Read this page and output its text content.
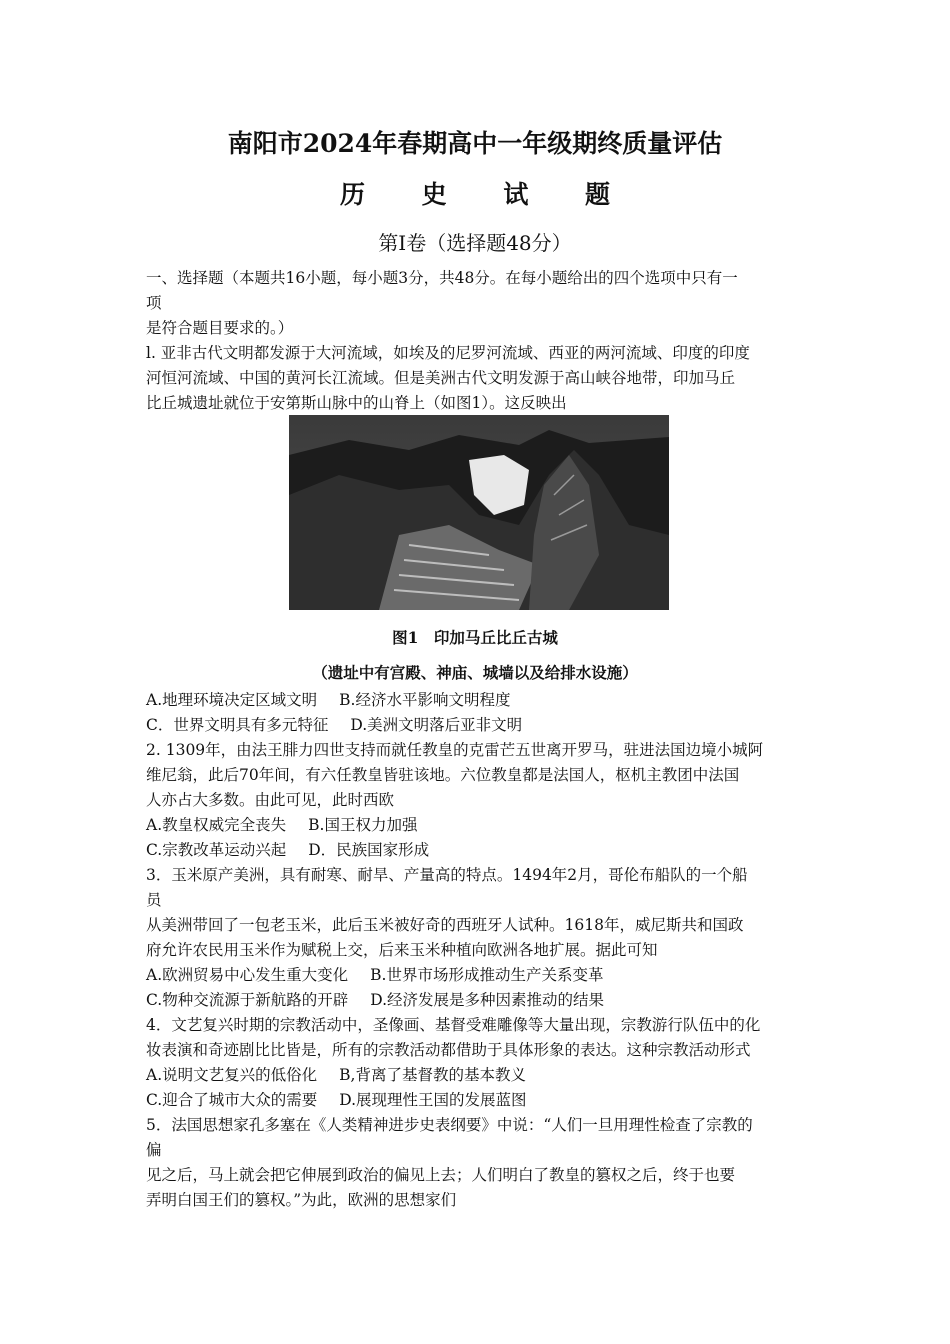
南阳市2024年春期高中一年级期终质量评估
历 史 试 题
第I卷（选择题48分）
一、选择题（本题共16小题，每小题3分，共48分。在每小题给出的四个选项中只有一
项
是符合题目要求的。）
l. 亚非古代文明都发源于大河流域，如埃及的尼罗河流域、西亚的两河流域、印度的印度
河恒河流域、中国的黄河长江流域。但是美洲古代文明发源于高山峡谷地带，印加马丘
比丘城遗址就位于安第斯山脉中的山脊上（如图1）。这反映出
图1　印加马丘比丘古城
（遗址中有宫殿、神庙、城墙以及给排水设施）
A.地理环境决定区域文明 B.经济水平影响文明程度
C．世界文明具有多元特征 D.美洲文明落后亚非文明
2. 1309年，由法王腓力四世支持而就任教皇的克雷芒五世离开罗马，驻进法国边境小城阿
维尼翁，此后70年间，有六任教皇皆驻该地。六位教皇都是法国人，枢机主教团中法国
人亦占大多数。由此可见，此时西欧
A.教皇权威完全丧失 B.国王权力加强
C.宗教改革运动兴起 D．民族国家形成
3．玉米原产美洲，具有耐寒、耐旱、产量高的特点。1494年2月，哥伦布船队的一个船
员
从美洲带回了一包老玉米，此后玉米被好奇的西班牙人试种。1618年，威尼斯共和国政
府允许农民用玉米作为赋税上交，后来玉米种植向欧洲各地扩展。据此可知
A.欧洲贸易中心发生重大变化 B.世界市场形成推动生产关系变革
C.物种交流源于新航路的开辟 D.经济发展是多种因素推动的结果
4．文艺复兴时期的宗教活动中，圣像画、基督受难雕像等大量出现，宗教游行队伍中的化
妆表演和奇迹剧比比皆是，所有的宗教活动都借助于具体形象的表达。这种宗教活动形式
A.说明文艺复兴的低俗化 B,背离了基督教的基本教义
C.迎合了城市大众的需要 D.展现理性王国的发展蓝图
5．法国思想家孔多塞在《人类精神进步史表纲要》中说：“人们一旦用理性检查了宗教的
偏
见之后，马上就会把它伸展到政治的偏见上去；人们明白了教皇的篡权之后，终于也要
弄明白国王们的篡权。”为此，欧洲的思想家们
